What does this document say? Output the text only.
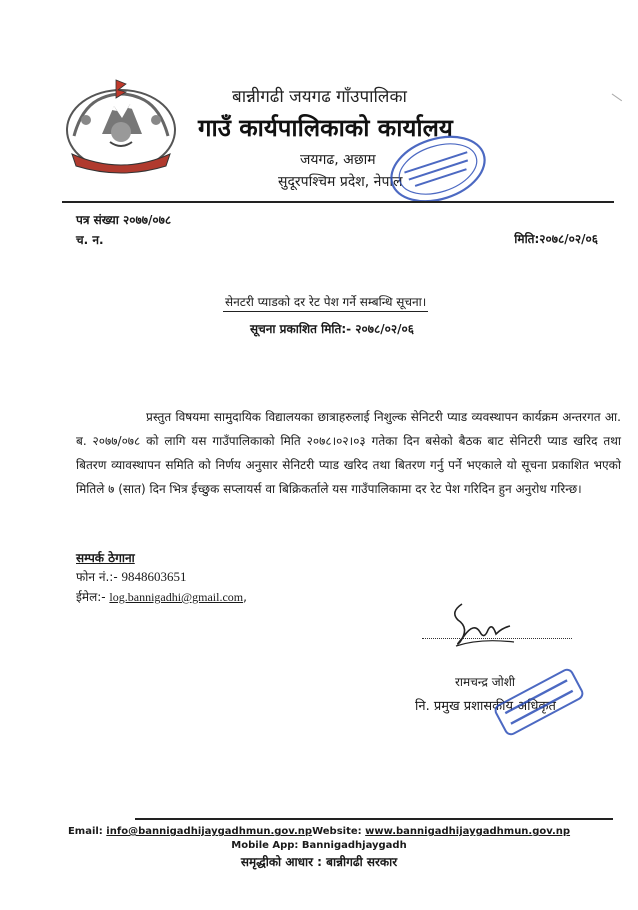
बान्नीगढी जयगढ गाँउपालिका
गाउँ कार्यपालिकाको कार्यालय
जयगढ, अछाम
सुदूरपश्चिम प्रदेश, नेपाल
पत्र संख्या २०७७/०७८
च. न.	मिति:२०७८/०२/०६
सेनटरी प्याडको दर रेट पेश गर्ने सम्बन्धि सूचना।
सूचना प्रकाशित मिति:- २०७८/०२/०६
प्रस्तुत विषयमा सामुदायिक विद्यालयका छात्राहरुलाई निशुल्क सेनिटरी प्याड व्यवस्थापन कार्यक्रम अन्तरगत आ. ब. २०७७/०७८ को लागि यस गाउँपालिकाको मिति २०७८।०२।०३ गतेका दिन बसेको बैठक बाट सेनिटरी प्याड खरिद तथा बितरण व्यावस्थापन समिति को निर्णय अनुसार सेनिटरी प्याड खरिद तथा बितरण गर्नु पर्ने भएकाले यो सूचना प्रकाशित भएको मितिले ७ (सात) दिन भित्र ईच्छुक सप्लायर्स वा बिक्रिकर्ताले यस गाउँपालिकामा दर रेट पेश गरिदिन हुन अनुरोध गरिन्छ।
सम्पर्क ठेगाना
फोन नं.:- 9848603651
ईमेल:- log.bannigadhi@gmail.com,
रामचन्द्र जोशी
नि. प्रमुख प्रशासकीय अधिकृत
Email: info@bannigadhijaygadhmun.gov.npWebsite: www.bannigadhijaygadhmun.gov.np
Mobile App: Bannigadhjaygadh
समृद्धीको आधार : बान्नीगढी सरकार
